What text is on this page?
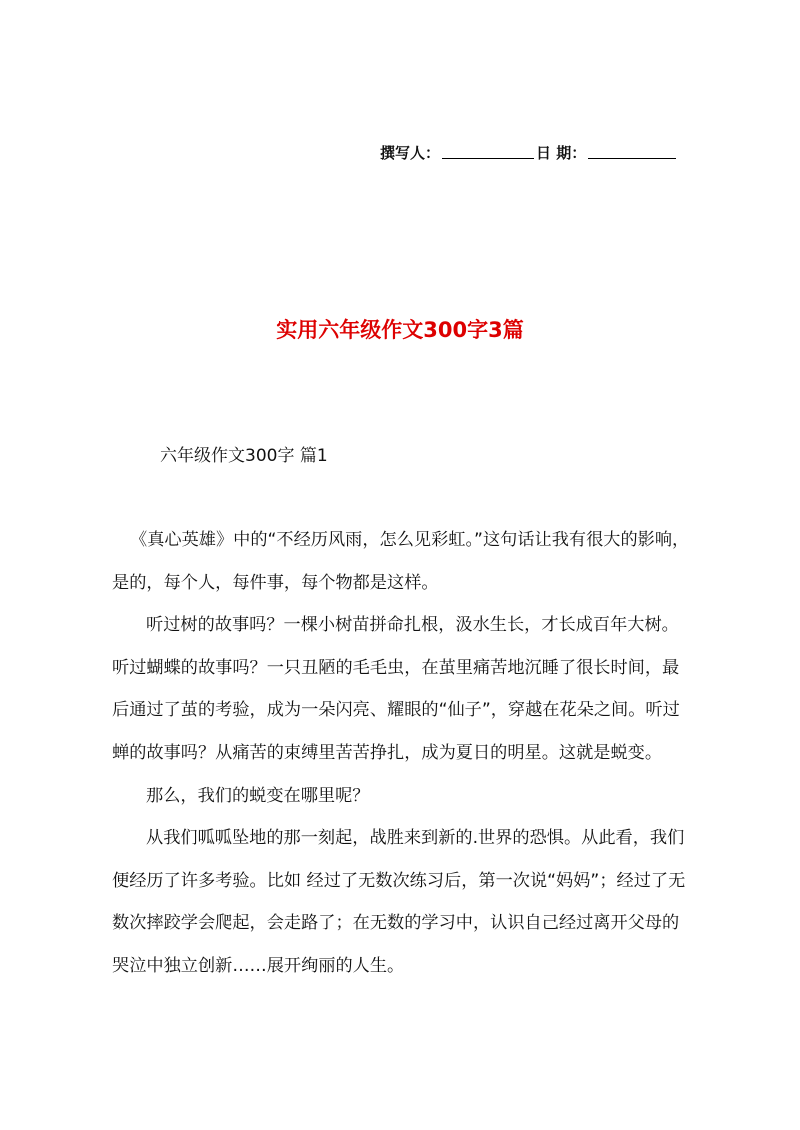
撰写人：	日 期：
实用六年级作文300字3篇
六年级作文300字 篇1

《真心英雄》中的“不经历风雨，怎么见彩虹。”这句话让我有很大的影响，是的，每个人，每件事，每个物都是这样。

听过树的故事吗？一棵小树苗拼命扎根，汲水生长，才长成百年大树。听过蝴蝶的故事吗？一只丑陋的毛毛虫，在茧里痛苦地沉睡了很长时间，最后通过了茧的考验，成为一朵闪亮、耀眼的“仙子”，穿越在花朵之间。听过蝉的故事吗？从痛苦的束缚里苦苦挣扎，成为夏日的明星。这就是蜕变。

那么，我们的蜕变在哪里呢？

从我们呱呱坠地的那一刻起，战胜来到新的.世界的恐惧。从此看，我们便经历了许多考验。比如 经过了无数次练习后，第一次说“妈妈”；经过了无数次摔跤学会爬起，会走路了；在无数的学习中，认识自己经过离开父母的哭泣中独立创新……展开绚丽的人生。
